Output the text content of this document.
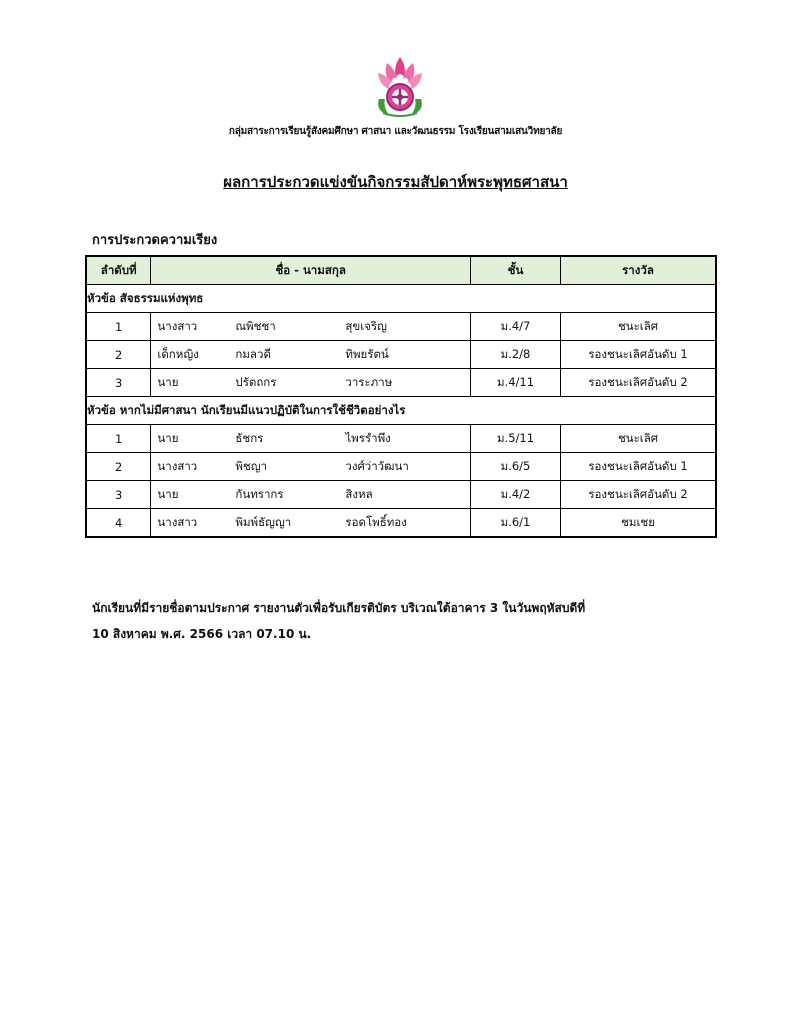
กลุ่มสาระการเรียนรู้สังคมศึกษา ศาสนา และวัฒนธรรม โรงเรียนสามเสนวิทยาลัย
ผลการประกวดแข่งขันกิจกรรมสัปดาห์พระพุทธศาสนา
การประกวดความเรียง
ลำดับที่	ชื่อ - นามสกุล	ชั้น	รางวัล
หัวข้อ สัจธรรมแห่งพุทธ			
1	นางสาว ณพิชชา สุขเจริญ	ม.4/7	ชนะเลิศ
2	เด็กหญิง กมลวดี ทิพยรัตน์	ม.2/8	รองชนะเลิศอันดับ 1
3	นาย ปรัตถกร วาระภาษ	ม.4/11	รองชนะเลิศอันดับ 2
หัวข้อ หากไม่มีศาสนา นักเรียนมีแนวปฏิบัติในการใช้ชีวิตอย่างไร			
1	นาย ธัชกร ไพรรำพึง	ม.5/11	ชนะเลิศ
2	นางสาว พิชญา วงศ์ว่าวัฒนา	ม.6/5	รองชนะเลิศอันดับ 1
3	นาย กันทรากร สิงหล	ม.4/2	รองชนะเลิศอันดับ 2
4	นางสาว พิมพ์ธัญญา รอดโพธิ์ทอง	ม.6/1	ชมเชย
นักเรียนที่มีรายชื่อตามประกาศ รายงานตัวเพื่อรับเกียรติบัตร บริเวณใต้อาคาร 3 ในวันพฤหัสบดีที่
10 สิงหาคม พ.ศ. 2566 เวลา 07.10 น.
